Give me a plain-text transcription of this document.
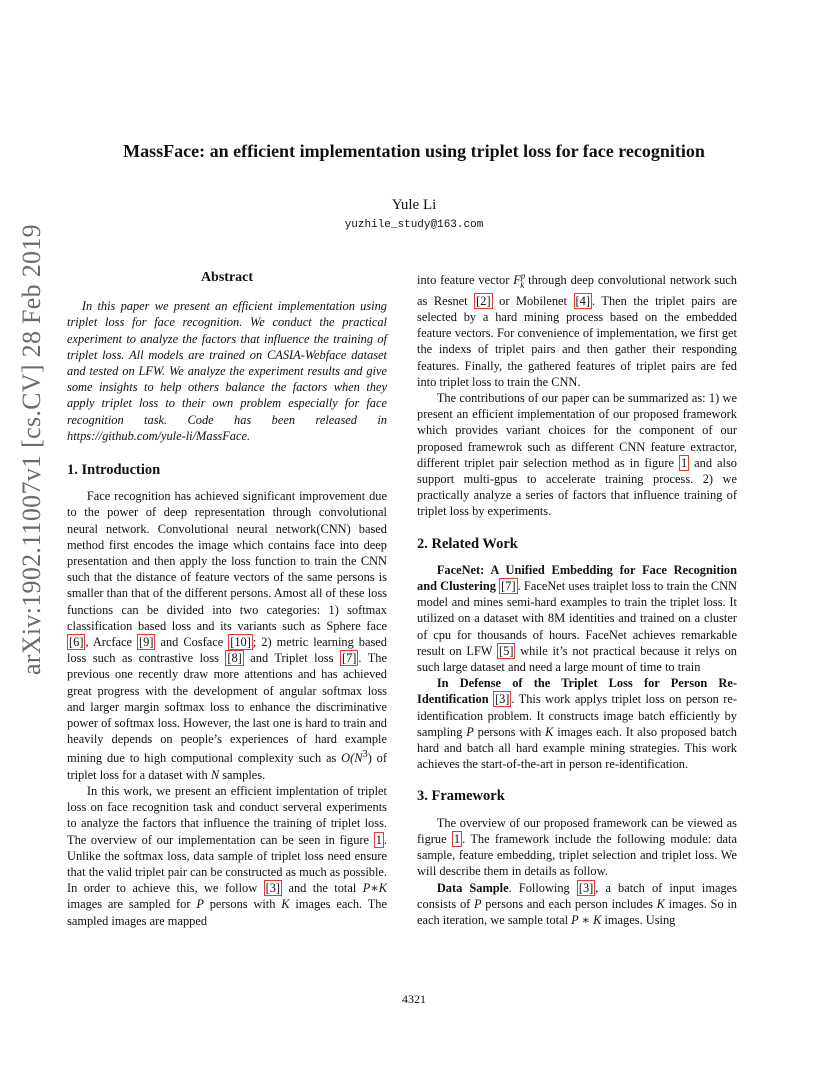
arXiv:1902.11007v1 [cs.CV] 28 Feb 2019
MassFace: an efficient implementation using triplet loss for face recognition
Yule Li
yuzhile_study@163.com
Abstract

In this paper we present an efficient implementation using triplet loss for face recognition. We conduct the practical experiment to analyze the factors that influence the training of triplet loss. All models are trained on CASIA-Webface dataset and tested on LFW. We analyze the experiment results and give some insights to help others balance the factors when they apply triplet loss to their own problem especially for face recognition task. Code has been released in https://github.com/yule-li/MassFace.

1. Introduction

Face recognition has achieved significant improvement due to the power of deep representation through convolutional neural network. Convolutional neural network(CNN) based method first encodes the image which contains face into deep presentation and then apply the loss function to train the CNN such that the distance of feature vectors of the same persons is smaller than that of the different persons. Amost all of these loss functions can be divided into two categories: 1) softmax classification based loss and its variants such as Sphere face [6] , Arcface [9] and Cosface [10] ; 2) metric learning based loss such as contrastive loss [8] and Triplet loss [7] . The previous one recently draw more attentions and has achieved great progress with the development of angular softmax loss and larger margin softmax loss to enhance the discriminative power of softmax loss. However, the last one is hard to train and heavily depends on people’s experiences of hard example mining due to high computional complexity such as $O(N^3)$ of triplet loss for a dataset with N samples.

In this work, we present an efficient implentation of triplet loss on face recognition task and conduct serveral experiments to analyze the factors that influence the training of triplet loss. The overview of our implementation can be seen in figure 1 . Unlike the softmax loss, data sample of triplet loss need ensure that the valid triplet pair can be constructed as much as possible. In order to achieve this, we follow [3] and the total P∗K images are sampled for P persons with K images each. The sampled images are mapped

into feature vector $F^p_k$ through deep convolutional network such as Resnet [2] or Mobilenet [4] . Then the triplet pairs are selected by a hard mining process based on the embedded feature vectors. For convenience of implementation, we first get the indexs of triplet pairs and then gather their responding features. Finally, the gathered features of triplet pairs are fed into triplet loss to train the CNN.

The contributions of our paper can be summarized as: 1) we present an efficient implementation of our proposed framework which provides variant choices for the component of our proposed framewrok such as different CNN feature extractor, different triplet pair selection method as in figure 1 and also support multi-gpus to accelerate training process. 2) we practically analyze a series of factors that influence training of triplet loss by experiments.

2. Related Work

FaceNet: A Unified Embedding for Face Recognition and Clustering [7] . FaceNet uses traiplet loss to train the CNN model and mines semi-hard examples to train the triplet loss. It utilized on a dataset with 8M identities and trained on a cluster of cpu for thousands of hours. FaceNet achieves remarkable result on LFW [5] while it’s not practical because it relys on such large dataset and need a large mount of time to train

In Defense of the Triplet Loss for Person Re-Identification [3] . This work applys triplet loss on person re-identification problem. It constructs image batch efficiently by sampling P persons with K images each. It also proposed batch hard and batch all hard example mining strategies. This work achieves the start-of-the-art in person re-identification.

3. Framework

The overview of our proposed framework can be viewed as figrue 1 . The framework include the following module: data sample, feature embedding, triplet selection and triplet loss. We will describe them in details as follow.

Data Sample. Following [3] , a batch of input images consists of P persons and each person includes K images. So in each iteration, we sample total P ∗ K images. Using

4321
